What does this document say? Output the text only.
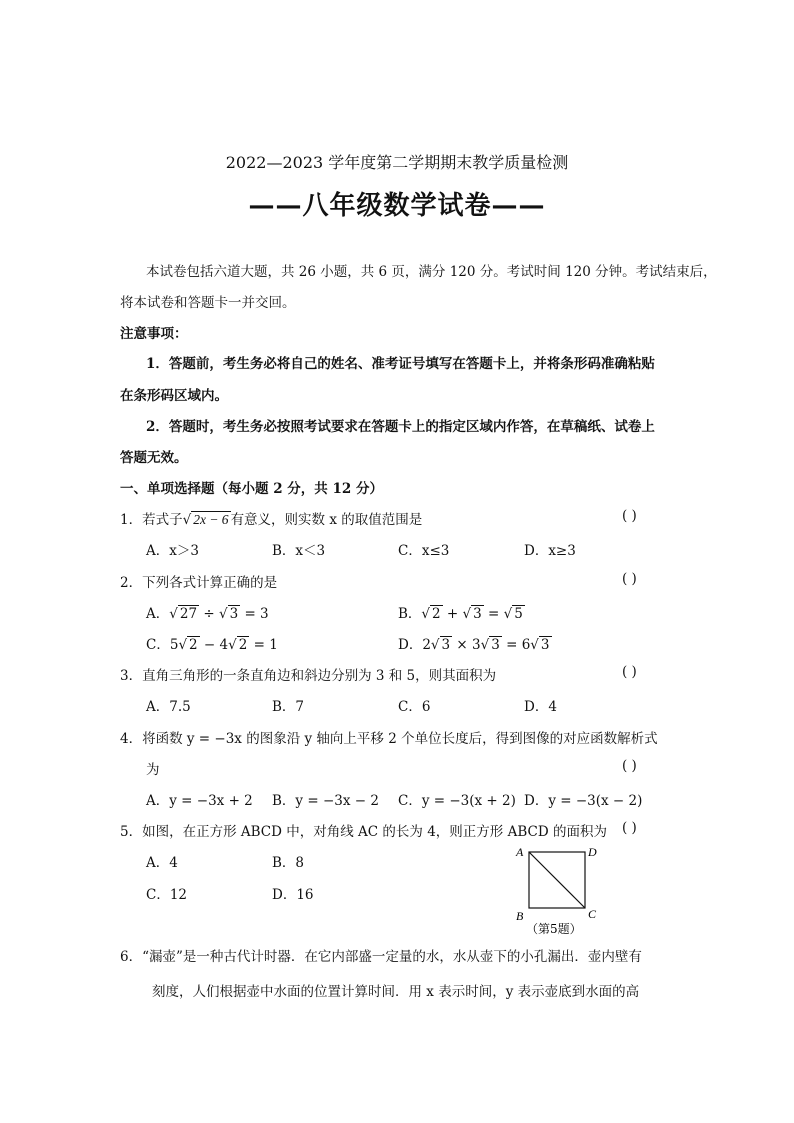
2022—2023 学年度第二学期期末教学质量检测
——八年级数学试卷——
本试卷包括六道大题，共 26 小题，共 6 页，满分 120 分。考试时间 120 分钟。考试结束后，
将本试卷和答题卡一并交回。
注意事项：
1．答题前，考生务必将自己的姓名、准考证号填写在答题卡上，并将条形码准确粘贴
在条形码区域内。
2．答题时，考生务必按照考试要求在答题卡上的指定区域内作答，在草稿纸、试卷上
答题无效。
一、单项选择题（每小题 2 分，共 12 分）
1．若式子√ 2x − 6 有意义，则实数 x 的取值范围是	( )
A．x＞3	B．x＜3	C．x≤3	D．x≥3
2．下列各式计算正确的是	( )
A．√ 27 ÷ √ 3 = 3	B．√ 2 + √ 3 = √ 5
C．5√ 2 − 4√ 2 = 1	D．2√ 3 × 3√ 3 = 6√ 3
3．直角三角形的一条直角边和斜边分别为 3 和 5，则其面积为	( )
A．7.5	B．7	C．6	D．4
4．将函数 y = −3x 的图象沿 y 轴向上平移 2 个单位长度后，得到图像的对应函数解析式
为	( )
A．y = −3x + 2 B．y = −3x − 2 C．y = −3(x + 2) D．y = −3(x − 2)
5．如图，在正方形 ABCD 中，对角线 AC 的长为 4，则正方形 ABCD 的面积为 ( )
A．4	B．8
C．12	D．16
A	D
B	C
（第5题）
6．“漏壶”是一种古代计时器．在它内部盛一定量的水，水从壶下的小孔漏出．壶内壁有
刻度，人们根据壶中水面的位置计算时间．用 x 表示时间，y 表示壶底到水面的高
